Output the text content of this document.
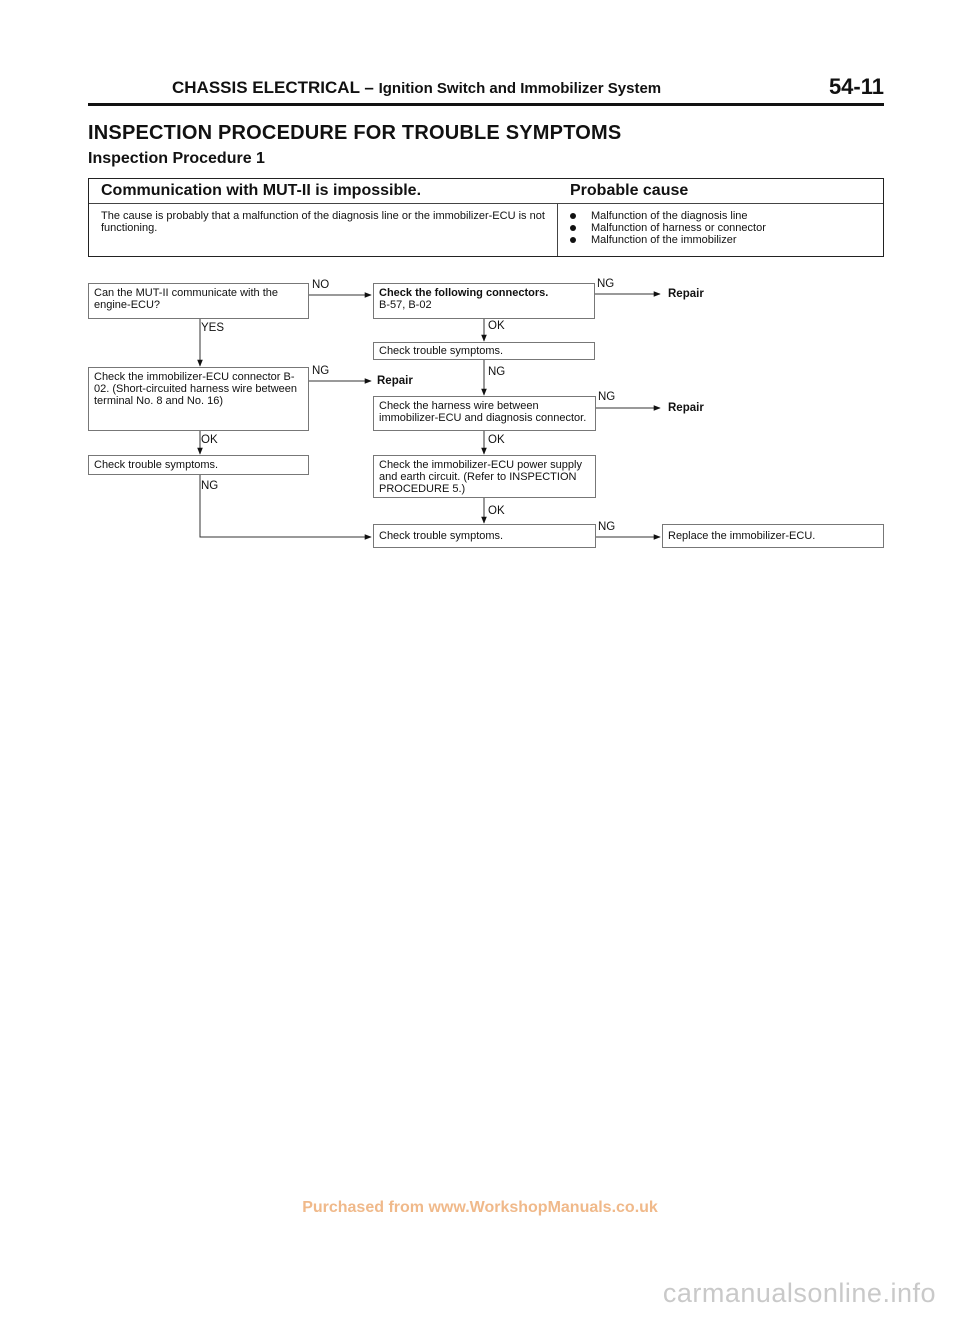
CHASSIS ELECTRICAL – Ignition Switch and Immobilizer System	54-11
INSPECTION PROCEDURE FOR TROUBLE SYMPTOMS
Inspection Procedure 1
Communication with MUT-II is impossible.	Probable cause
The cause is probably that a malfunction of the diagnosis line or the immobilizer-ECU is not functioning.
Malfunction of the diagnosis line
Malfunction of harness or connector
Malfunction of the immobilizer
Can the MUT-II communicate with the engine-ECU?
Check the immobilizer-ECU connector B-02. (Short-circuited harness wire between terminal No. 8 and No. 16)
Check trouble symptoms.
Check the following connectors.
B-57, B-02
Check trouble symptoms.
Check the harness wire between immobilizer-ECU and diagnosis connector.
Check the immobilizer-ECU power supply and earth circuit. (Refer to INSPECTION PROCEDURE 5.)
Check trouble symptoms.	Replace the immobilizer-ECU.
NO
YES
NG
Repair
OK
NG
Repair
NG
NG
Repair
OK	OK
NG
OK
NG
Purchased from www.WorkshopManuals.co.uk
carmanualsonline.info
